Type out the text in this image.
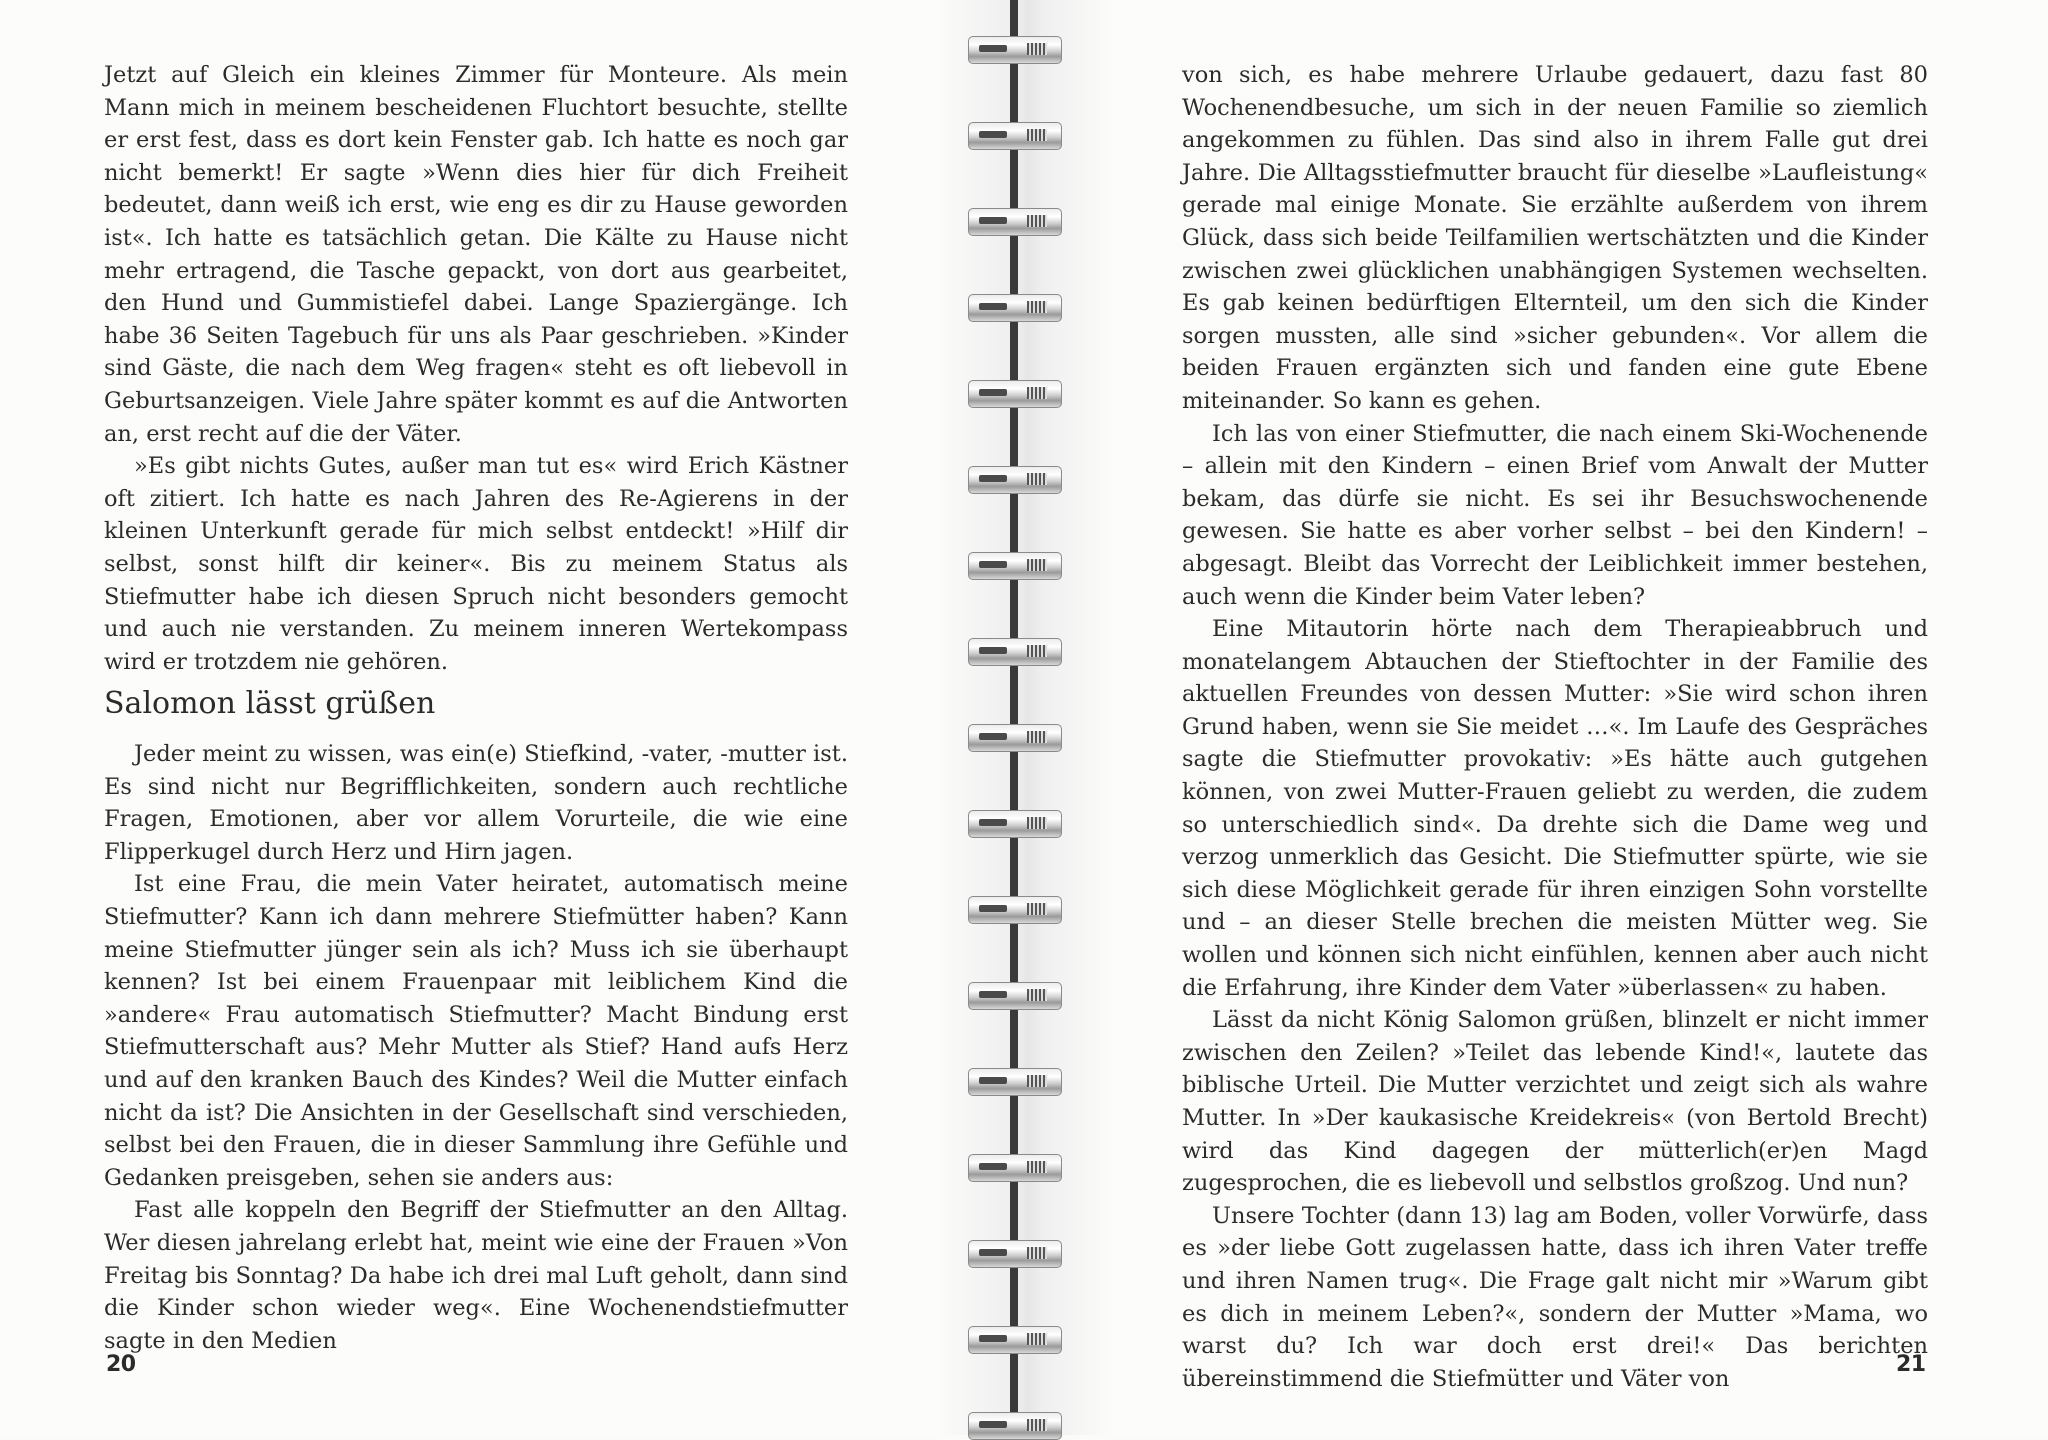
Jetzt auf Gleich ein kleines Zimmer für Monteure. Als mein Mann mich in meinem bescheidenen Fluchtort besuchte, stellte er erst fest, dass es dort kein Fenster gab. Ich hatte es noch gar nicht bemerkt! Er sagte »Wenn dies hier für dich Freiheit bedeutet, dann weiß ich erst, wie eng es dir zu Hause geworden ist«. Ich hatte es tatsächlich getan. Die Kälte zu Hause nicht mehr ertragend, die Tasche gepackt, von dort aus gearbeitet, den Hund und Gummistiefel dabei. Lange Spaziergänge. Ich habe 36 Seiten Tagebuch für uns als Paar geschrieben. »Kinder sind Gäste, die nach dem Weg fragen« steht es oft liebevoll in Geburtsanzeigen. Viele Jahre später kommt es auf die Antworten an, erst recht auf die der Väter.

»Es gibt nichts Gutes, außer man tut es« wird Erich Kästner oft zitiert. Ich hatte es nach Jahren des Re-Agierens in der kleinen Unterkunft gerade für mich selbst entdeckt! »Hilf dir selbst, sonst hilft dir keiner«. Bis zu meinem Status als Stiefmutter habe ich diesen Spruch nicht besonders gemocht und auch nie verstanden. Zu meinem inneren Wertekompass wird er trotzdem nie gehören.

Salomon lässt grüßen

Jeder meint zu wissen, was ein(e) Stiefkind, -vater, -mutter ist. Es sind nicht nur Begrifflichkeiten, sondern auch rechtliche Fragen, Emotionen, aber vor allem Vorurteile, die wie eine Flipperkugel durch Herz und Hirn jagen.

Ist eine Frau, die mein Vater heiratet, automatisch meine Stiefmutter? Kann ich dann mehrere Stiefmütter haben? Kann meine Stiefmutter jünger sein als ich? Muss ich sie überhaupt kennen? Ist bei einem Frauenpaar mit leiblichem Kind die »andere« Frau automatisch Stiefmutter? Macht Bindung erst Stiefmutterschaft aus? Mehr Mutter als Stief? Hand aufs Herz und auf den kranken Bauch des Kindes? Weil die Mutter einfach nicht da ist? Die Ansichten in der Gesellschaft sind verschieden, selbst bei den Frauen, die in dieser Sammlung ihre Gefühle und Gedanken preisgeben, sehen sie anders aus:

Fast alle koppeln den Begriff der Stiefmutter an den Alltag. Wer diesen jahrelang erlebt hat, meint wie eine der Frauen »Von Freitag bis Sonntag? Da habe ich drei mal Luft geholt, dann sind die Kinder schon wieder weg«. Eine Wochenendstiefmutter sagte in den Medien

20

von sich, es habe mehrere Urlaube gedauert, dazu fast 80 Wochenendbesuche, um sich in der neuen Familie so ziemlich angekommen zu fühlen. Das sind also in ihrem Falle gut drei Jahre. Die Alltagsstiefmutter braucht für dieselbe »Laufleistung« gerade mal einige Monate. Sie erzählte außerdem von ihrem Glück, dass sich beide Teilfamilien wertschätzten und die Kinder zwischen zwei glücklichen unabhängigen Systemen wechselten. Es gab keinen bedürftigen Elternteil, um den sich die Kinder sorgen mussten, alle sind »sicher gebunden«. Vor allem die beiden Frauen ergänzten sich und fanden eine gute Ebene miteinander. So kann es gehen.

Ich las von einer Stiefmutter, die nach einem Ski-Wochenende – allein mit den Kindern – einen Brief vom Anwalt der Mutter bekam, das dürfe sie nicht. Es sei ihr Besuchswochenende gewesen. Sie hatte es aber vorher selbst – bei den Kindern! – abgesagt. Bleibt das Vorrecht der Leiblichkeit immer bestehen, auch wenn die Kinder beim Vater leben?

Eine Mitautorin hörte nach dem Therapieabbruch und monatelangem Abtauchen der Stieftochter in der Familie des aktuellen Freundes von dessen Mutter: »Sie wird schon ihren Grund haben, wenn sie Sie meidet …«. Im Laufe des Gespräches sagte die Stiefmutter provokativ: »Es hätte auch gutgehen können, von zwei Mutter-Frauen geliebt zu werden, die zudem so unterschiedlich sind«. Da drehte sich die Dame weg und verzog unmerklich das Gesicht. Die Stiefmutter spürte, wie sie sich diese Möglichkeit gerade für ihren einzigen Sohn vorstellte und – an dieser Stelle brechen die meisten Mütter weg. Sie wollen und können sich nicht einfühlen, kennen aber auch nicht die Erfahrung, ihre Kinder dem Vater »überlassen« zu haben.

Lässt da nicht König Salomon grüßen, blinzelt er nicht immer zwischen den Zeilen? »Teilet das lebende Kind!«, lautete das biblische Urteil. Die Mutter verzichtet und zeigt sich als wahre Mutter. In »Der kaukasische Kreidekreis« (von Bertold Brecht) wird das Kind dagegen der mütterlich(er)en Magd zugesprochen, die es liebevoll und selbstlos großzog. Und nun?

Unsere Tochter (dann 13) lag am Boden, voller Vorwürfe, dass es »der liebe Gott zugelassen hatte, dass ich ihren Vater treffe und ihren Namen trug«. Die Frage galt nicht mir »Warum gibt es dich in meinem Leben?«, sondern der Mutter »Mama, wo warst du? Ich war doch erst drei!« Das berichten übereinstimmend die Stiefmütter und Väter von

21
